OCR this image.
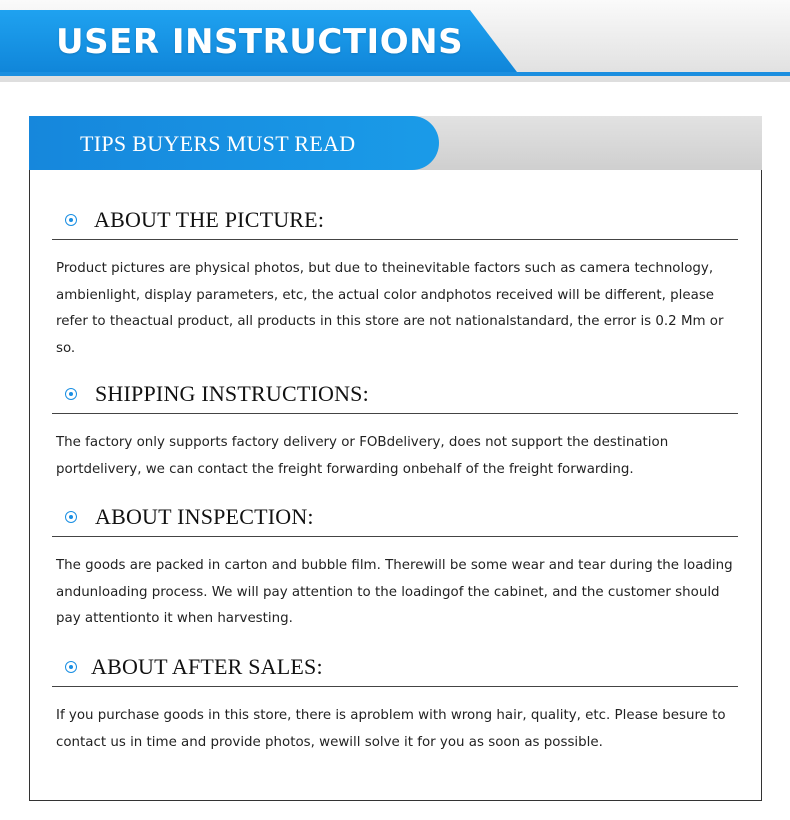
USER INSTRUCTIONS
TIPS BUYERS MUST READ
ABOUT THE PICTURE:

Product pictures are physical photos, but due to theinevitable factors such as camera technology, ambienlight, display parameters, etc, the actual color andphotos received will be different, please refer to theactual product, all products in this store are not nationalstandard, the error is 0.2 Mm or so.

SHIPPING INSTRUCTIONS:

The factory only supports factory delivery or FOBdelivery, does not support the destination portdelivery, we can contact the freight forwarding onbehalf of the freight forwarding.

ABOUT INSPECTION:

The goods are packed in carton and bubble film. Therewill be some wear and tear during the loading andunloading process. We will pay attention to the loadingof the cabinet, and the customer should pay attentionto it when harvesting.

ABOUT AFTER SALES:

If you purchase goods in this store, there is aproblem with wrong hair, quality, etc. Please besure to contact us in time and provide photos, wewill solve it for you as soon as possible.
